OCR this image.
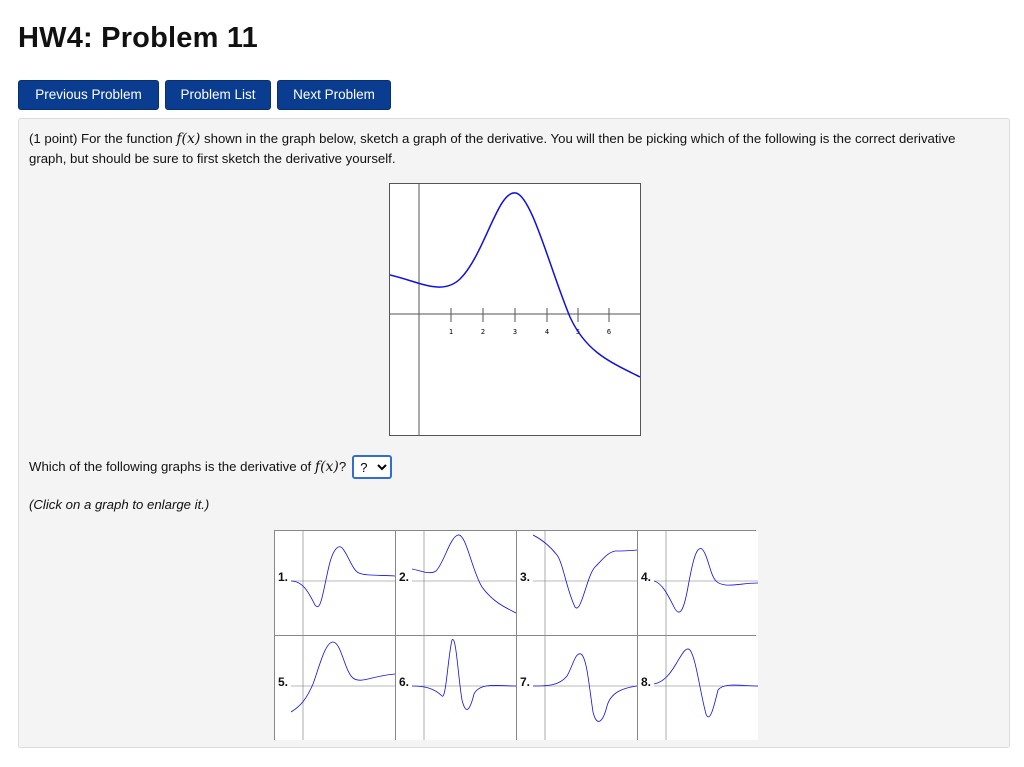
HW4: Problem 11
Previous Problem	Problem List	Next Problem
(1 point) For the function f(x) shown in the graph below, sketch a graph of the derivative. You will then be picking which of the following is the correct derivative graph, but should be sure to first sketch the derivative yourself.
1	2	3	4	5	6
Which of the following graphs is the derivative of f(x)?
?
(Click on a graph to enlarge it.)
1.	2.	3.	4.
5.	6.	7.	8.
